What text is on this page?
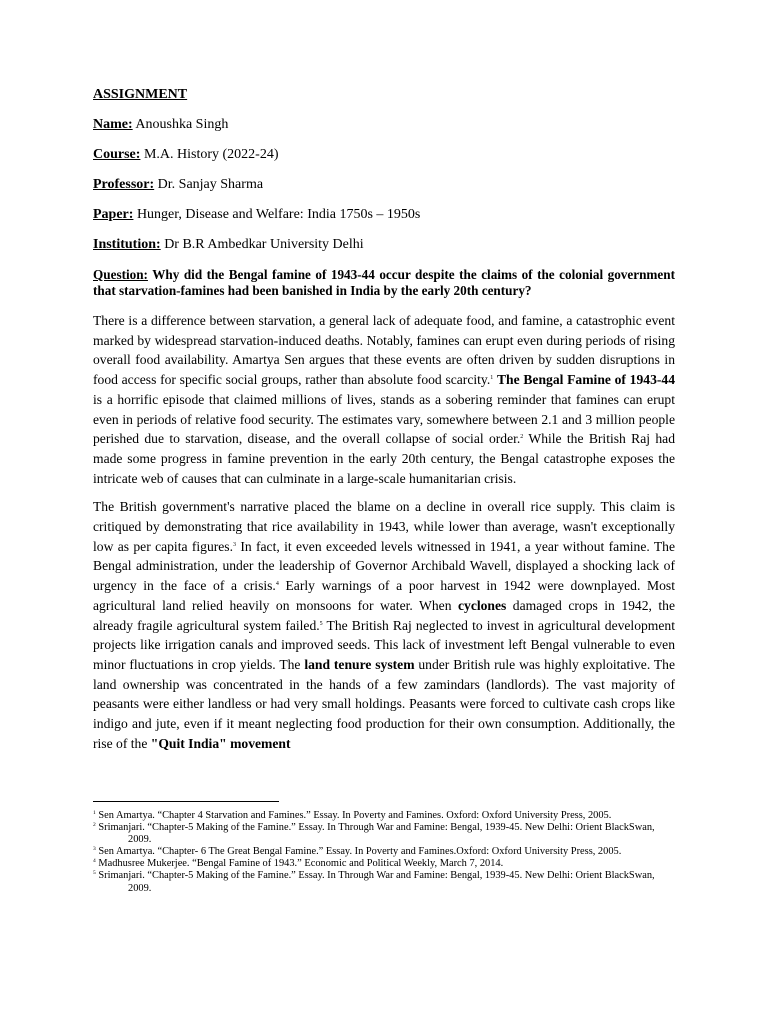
ASSIGNMENT

Name: Anoushka Singh

Course: M.A. History (2022-24)

Professor: Dr. Sanjay Sharma

Paper: Hunger, Disease and Welfare: India 1750s – 1950s

Institution: Dr B.R Ambedkar University Delhi

Question: Why did the Bengal famine of 1943-44 occur despite the claims of the colonial government that starvation-famines had been banished in India by the early 20th century?

There is a difference between starvation, a general lack of adequate food, and famine, a catastrophic event marked by widespread starvation-induced deaths. Notably, famines can erupt even during periods of rising overall food availability. Amartya Sen argues that these events are often driven by sudden disruptions in food access for specific social groups, rather than absolute food scarcity.$^1$ The Bengal Famine of 1943-44 is a horrific episode that claimed millions of lives, stands as a sobering reminder that famines can erupt even in periods of relative food security. The estimates vary, somewhere between 2.1 and 3 million people perished due to starvation, disease, and the overall collapse of social order.$^2$ While the British Raj had made some progress in famine prevention in the early 20th century, the Bengal catastrophe exposes the intricate web of causes that can culminate in a large-scale humanitarian crisis.

The British government's narrative placed the blame on a decline in overall rice supply. This claim is critiqued by demonstrating that rice availability in 1943, while lower than average, wasn't exceptionally low as per capita figures.$^3$ In fact, it even exceeded levels witnessed in 1941, a year without famine. The Bengal administration, under the leadership of Governor Archibald Wavell, displayed a shocking lack of urgency in the face of a crisis.$^4$ Early warnings of a poor harvest in 1942 were downplayed. Most agricultural land relied heavily on monsoons for water. When cyclones damaged crops in 1942, the already fragile agricultural system failed.$^5$ The British Raj neglected to invest in agricultural development projects like irrigation canals and improved seeds. This lack of investment left Bengal vulnerable to even minor fluctuations in crop yields. The land tenure system under British rule was highly exploitative. The land ownership was concentrated in the hands of a few zamindars (landlords). The vast majority of peasants were either landless or had very small holdings. Peasants were forced to cultivate cash crops like indigo and jute, even if it meant neglecting food production for their own consumption. Additionally, the rise of the "Quit India" movement

$^1$ Sen Amartya. “Chapter 4 Starvation and Famines.” Essay. In Poverty and Famines. Oxford: Oxford University Press, 2005.

$^2$ Srimanjari. “Chapter-5 Making of the Famine.” Essay. In Through War and Famine: Bengal, 1939-45. New Delhi: Orient BlackSwan, 2009.

$^3$ Sen Amartya. “Chapter- 6 The Great Bengal Famine.” Essay. In Poverty and Famines.Oxford: Oxford University Press, 2005.

$^4$ Madhusree Mukerjee. “Bengal Famine of 1943.” Economic and Political Weekly, March 7, 2014.

$^5$ Srimanjari. “Chapter-5 Making of the Famine.” Essay. In Through War and Famine: Bengal, 1939-45. New Delhi: Orient BlackSwan, 2009.
